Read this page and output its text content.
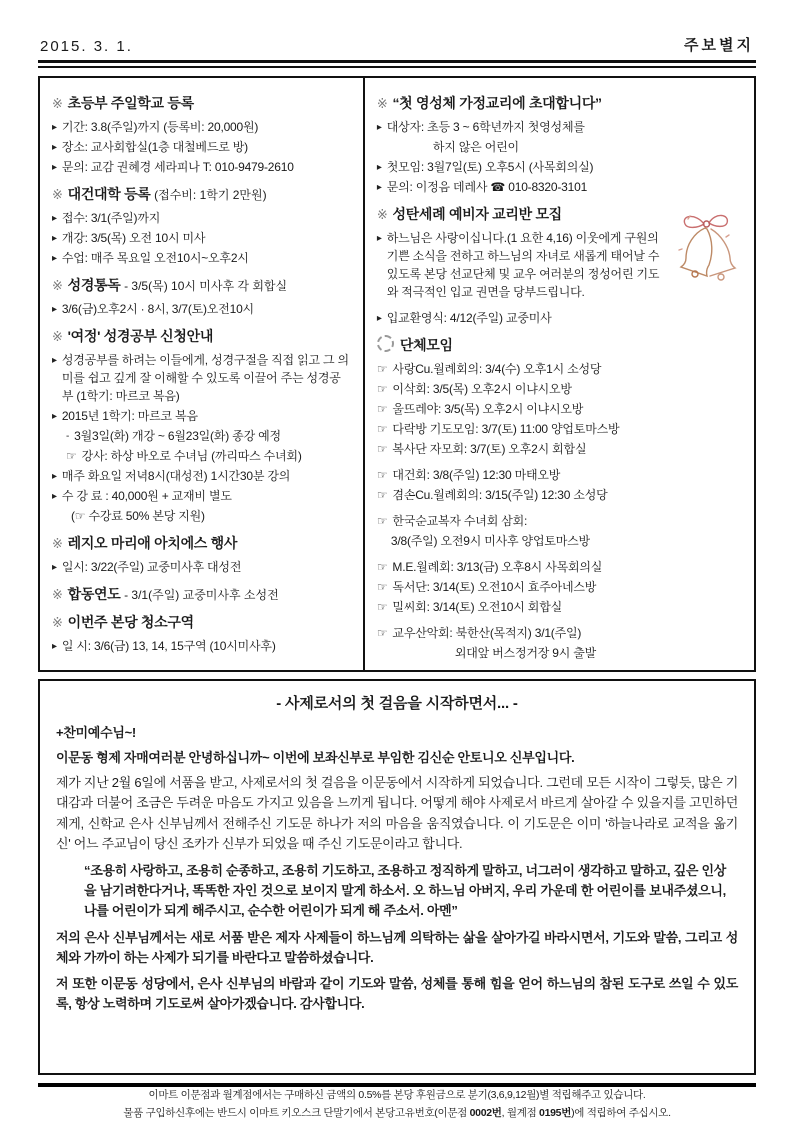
2015. 3. 1.	주보별지
※ 초등부 주일학교 등록
▸ 기간: 3.8(주일)까지 (등록비: 20,000원)
▸ 장소: 교사회합실(1층 대철베드로 방)
▸ 문의: 교감 권혜경 세라피나 T: 010-9479-2610
※ 대건대학 등록 (접수비: 1학기 2만원)
▸ 접수: 3/1(주일)까지
▸ 개강: 3/5(목) 오전 10시 미사
▸ 수업: 매주 목요일 오전10시~오후2시
※ 성경통독 - 3/5(목) 10시 미사후 각 회합실
▸ 3/6(금)오후2시 · 8시, 3/7(토)오전10시
※ '여정' 성경공부 신청안내
▸ 성경공부를 하려는 이들에게, 성경구절을 직접 읽고 그 의미를 쉽고 깊게 잘 이해할 수 있도록 이끌어 주는 성경공부 (1학기: 마르코 복음)
▸ 2015년 1학기: 마르코 복음
- 3월3일(화) 개강 ~ 6월23일(화) 종강 예정
☞ 강사: 하상 바오로 수녀님 (까리따스 수녀회)
▸ 매주 화요일 저녁8시(대성전) 1시간30분 강의
▸ 수 강 료 : 40,000원 + 교재비 별도
(☞ 수강료 50% 본당 지원)
※ 레지오 마리애 아치에스 행사
▸ 일시: 3/22(주일) 교중미사후 대성전
※ 합동연도 - 3/1(주일) 교중미사후 소성전
※ 이번주 본당 청소구역
▸ 일 시: 3/6(금) 13, 14, 15구역 (10시미사후)
※ “첫 영성체 가정교리에 초대합니다”
▸ 대상자: 초등 3 ~ 6학년까지 첫영성체를
하지 않은 어린이
▸ 첫모임: 3월7일(토) 오후5시 (사목회의실)
▸ 문의: 이정음 데레사 ☎ 010-8320-3101
※ 성탄세례 예비자 교리반 모집
▸ 하느님은 사랑이십니다.(1 요한 4,16) 이웃에게 구원의 기쁜 소식을 전하고 하느님의 자녀로 새롭게 태어날 수 있도록 본당 선교단체 및 교우 여러분의 정성어린 기도와 적극적인 입교 권면을 당부드립니다.
▸ 입교환영식: 4/12(주일) 교중미사
단체모임
☞ 사랑Cu.월례회의: 3/4(수) 오후1시 소성당
☞ 이삭회: 3/5(목) 오후2시 이냐시오방
☞ 울뜨레야: 3/5(목) 오후2시 이냐시오방
☞ 다락방 기도모임: 3/7(토) 11:00 양업토마스방
☞ 복사단 자모회: 3/7(토) 오후2시 회합실
☞ 대건회: 3/8(주일) 12:30 마태오방
☞ 겸손Cu.월례회의: 3/15(주일) 12:30 소성당
☞ 한국순교복자 수녀회 삼회:
3/8(주일) 오전9시 미사후 양업토마스방
☞ M.E.월례회: 3/13(금) 오후8시 사목회의실
☞ 독서단: 3/14(토) 오전10시 효주아네스방
☞ 밀씨회: 3/14(토) 오전10시 회합실
☞ 교우산악회: 북한산(목적지) 3/1(주일)
외대앞 버스정거장 9시 출발
- 사제로서의 첫 걸음을 시작하면서... -

+찬미예수님~!

이문동 형제 자매여러분 안녕하십니까~ 이번에 보좌신부로 부임한 김신순 안토니오 신부입니다.

제가 지난 2월 6일에 서품을 받고, 사제로서의 첫 걸음을 이문동에서 시작하게 되었습니다. 그런데 모든 시작이 그렇듯, 많은 기대감과 더불어 조금은 두려운 마음도 가지고 있음을 느끼게 됩니다. 어떻게 해야 사제로서 바르게 살아갈 수 있을지를 고민하던 제게, 신학교 은사 신부님께서 전해주신 기도문 하나가 저의 마음을 움직였습니다. 이 기도문은 이미 '하늘나라로 교적을 옮기신' 어느 주교님이 당신 조카가 신부가 되었을 때 주신 기도문이라고 합니다.

“조용히 사랑하고, 조용히 순종하고, 조용히 기도하고, 조용하고 정직하게 말하고, 너그러이 생각하고 말하고, 깊은 인상을 남기려한다거나, 똑똑한 자인 것으로 보이지 말게 하소서. 오 하느님 아버지, 우리 가운데 한 어린이를 보내주셨으니, 나를 어린이가 되게 해주시고, 순수한 어린이가 되게 해 주소서. 아멘”

저의 은사 신부님께서는 새로 서품 받은 제자 사제들이 하느님께 의탁하는 삶을 살아가길 바라시면서, 기도와 말씀, 그리고 성체와 가까이 하는 사제가 되기를 바란다고 말씀하셨습니다.

저 또한 이문동 성당에서, 은사 신부님의 바람과 같이 기도와 말씀, 성체를 통해 힘을 얻어 하느님의 참된 도구로 쓰일 수 있도록, 항상 노력하며 기도로써 살아가겠습니다. 감사합니다.

이마트 이문점과 월계점에서는 구매하신 금액의 0.5%를 본당 후원금으로 분기(3,6,9,12월)별 적립해주고 있습니다.
물품 구입하신후에는 반드시 이마트 키오스크 단말기에서 본당고유번호(이문점 0002번, 월계점 0195번)에 적립하여 주십시오.
